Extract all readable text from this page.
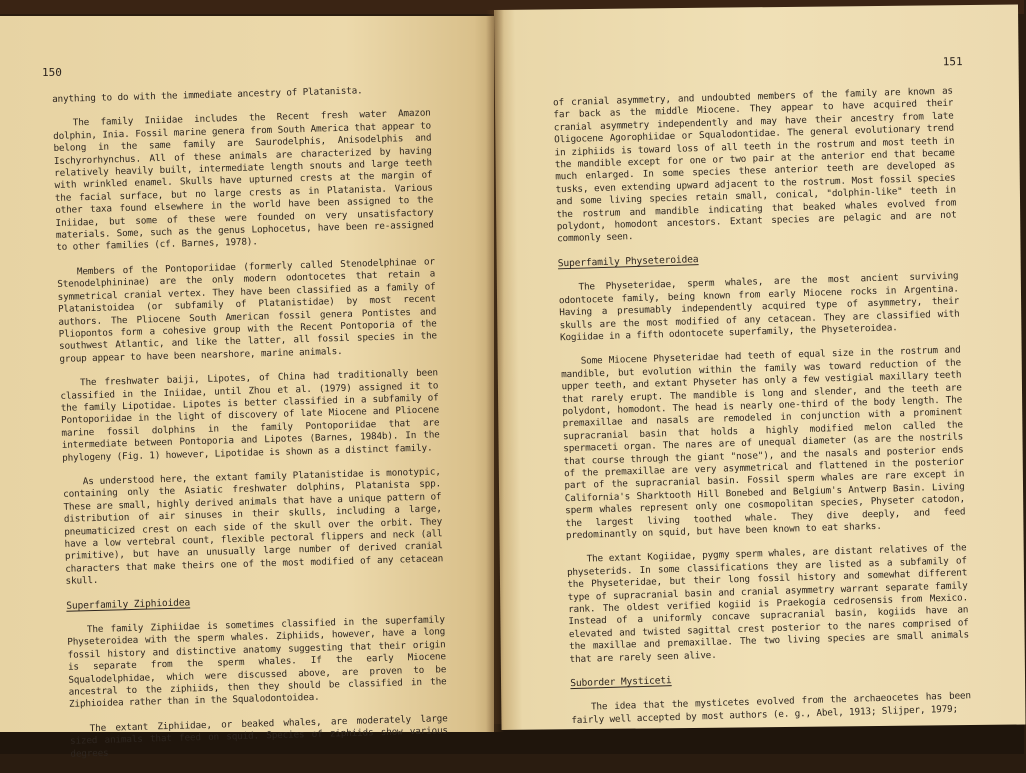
150

anything to do with the immediate ancestry of Platanista.

The family Iniidae includes the Recent fresh water Amazon dolphin, Inia. Fossil marine genera from South America that appear to belong in the same family are Saurodelphis, Anisodelphis and Ischyrorhynchus. All of these animals are characterized by having relatively heavily built, intermediate length snouts and large teeth with wrinkled enamel. Skulls have upturned crests at the margin of the facial surface, but no large crests as in Platanista. Various other taxa found elsewhere in the world have been assigned to the Iniidae, but some of these were founded on very unsatisfactory materials. Some, such as the genus Lophocetus, have been re-assigned to other families (cf. Barnes, 1978).

Members of the Pontoporiidae (formerly called Stenodelphinae or Stenodelphininae) are the only modern odontocetes that retain a symmetrical cranial vertex. They have been classified as a family of Platanistoidea (or subfamily of Platanistidae) by most recent authors. The Pliocene South American fossil genera Pontistes and Pliopontos form a cohesive group with the Recent Pontoporia of the southwest Atlantic, and like the latter, all fossil species in the group appear to have been nearshore, marine animals.

The freshwater baiji, Lipotes, of China had traditionally been classified in the Iniidae, until Zhou et al. (1979) assigned it to the family Lipotidae. Lipotes is better classified in a subfamily of Pontoporiidae in the light of discovery of late Miocene and Pliocene marine fossil dolphins in the family Pontoporiidae that are intermediate between Pontoporia and Lipotes (Barnes, 1984b). In the phylogeny (Fig. 1) however, Lipotidae is shown as a distinct family.

As understood here, the extant family Platanistidae is monotypic, containing only the Asiatic freshwater dolphins, Platanista spp. These are small, highly derived animals that have a unique pattern of distribution of air sinuses in their skulls, including a large, pneumaticized crest on each side of the skull over the orbit. They have a low vertebral count, flexible pectoral flippers and neck (all primitive), but have an unusually large number of derived cranial characters that make theirs one of the most modified of any cetacean skull.

Superfamily Ziphioidea

The family Ziphiidae is sometimes classified in the superfamily Physeteroidea with the sperm whales. Ziphiids, however, have a long fossil history and distinctive anatomy suggesting that their origin is separate from the sperm whales. If the early Miocene Squalodelphidae, which were discussed above, are proven to be ancestral to the ziphiids, then they should be classified in the Ziphioidea rather than in the Squalodontoidea.

The extant Ziphiidae, or beaked whales, are moderately large sized animals that feed on squid. Species of ziphiids show various degrees

151

of cranial asymmetry, and undoubted members of the family are known as far back as the middle Miocene. They appear to have acquired their cranial asymmetry independently and may have their ancestry from late Oligocene Agorophiidae or Squalodontidae. The general evolutionary trend in ziphiids is toward loss of all teeth in the rostrum and most teeth in the mandible except for one or two pair at the anterior end that became much enlarged. In some species these anterior teeth are developed as tusks, even extending upward adjacent to the rostrum. Most fossil species and some living species retain small, conical, "dolphin-like" teeth in the rostrum and mandible indicating that beaked whales evolved from polydont, homodont ancestors. Extant species are pelagic and are not commonly seen.

Superfamily Physeteroidea

The Physeteridae, sperm whales, are the most ancient surviving odontocete family, being known from early Miocene rocks in Argentina. Having a presumably independently acquired type of asymmetry, their skulls are the most modified of any cetacean. They are classified with Kogiidae in a fifth odontocete superfamily, the Physeteroidea.

Some Miocene Physeteridae had teeth of equal size in the rostrum and mandible, but evolution within the family was toward reduction of the upper teeth, and extant Physeter has only a few vestigial maxillary teeth that rarely erupt. The mandible is long and slender, and the teeth are polydont, homodont. The head is nearly one-third of the body length. The premaxillae and nasals are remodeled in conjunction with a prominent supracranial basin that holds a highly modified melon called the spermaceti organ. The nares are of unequal diameter (as are the nostrils that course through the giant "nose"), and the nasals and posterior ends of the premaxillae are very asymmetrical and flattened in the posterior part of the supracranial basin. Fossil sperm whales are rare except in California's Sharktooth Hill Bonebed and Belgium's Antwerp Basin. Living sperm whales represent only one cosmopolitan species, Physeter catodon, the largest living toothed whale. They dive deeply, and feed predominantly on squid, but have been known to eat sharks.

The extant Kogiidae, pygmy sperm whales, are distant relatives of the physeterids. In some classifications they are listed as a subfamily of the Physeteridae, but their long fossil history and somewhat different type of supracranial basin and cranial asymmetry warrant separate family rank. The oldest verified kogiid is Praekogia cedrosensis from Mexico. Instead of a uniformly concave supracranial basin, kogiids have an elevated and twisted sagittal crest posterior to the nares comprised of the maxillae and premaxillae. The two living species are small animals that are rarely seen alive.

Suborder Mysticeti

The idea that the mysticetes evolved from the archaeocetes has been fairly well accepted by most authors (e. g., Abel, 1913; Slijper, 1979;
